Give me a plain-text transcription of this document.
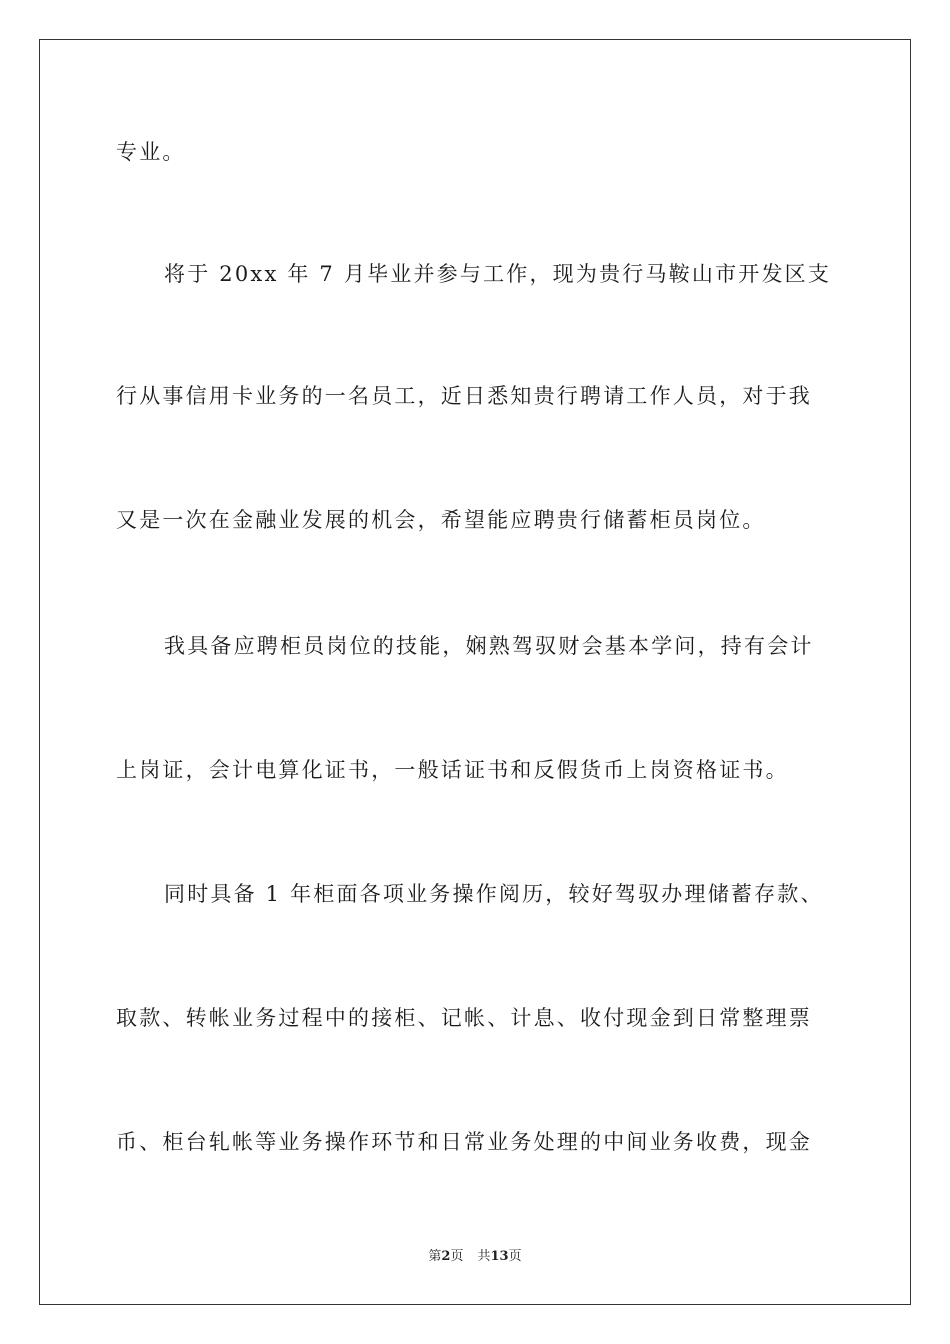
专业。
将于 20xx 年 7 月毕业并参与工作，现为贵行马鞍山市开发区支
行从事信用卡业务的一名员工，近日悉知贵行聘请工作人员，对于我
又是一次在金融业发展的机会，希望能应聘贵行储蓄柜员岗位。
我具备应聘柜员岗位的技能，娴熟驾驭财会基本学问，持有会计
上岗证，会计电算化证书，一般话证书和反假货币上岗资格证书。
同时具备 1 年柜面各项业务操作阅历，较好驾驭办理储蓄存款、
取款、转帐业务过程中的接柜、记帐、计息、收付现金到日常整理票
币、柜台轧帐等业务操作环节和日常业务处理的中间业务收费，现金
第2页 共13页
